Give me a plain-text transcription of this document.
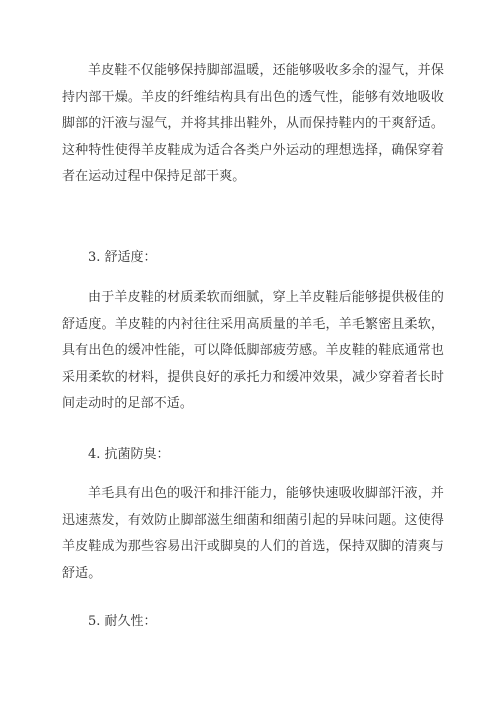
羊皮鞋不仅能够保持脚部温暖，还能够吸收多余的湿气，并保持内部干燥。羊皮的纤维结构具有出色的透气性，能够有效地吸收脚部的汗液与湿气，并将其排出鞋外，从而保持鞋内的干爽舒适。这种特性使得羊皮鞋成为适合各类户外运动的理想选择，确保穿着者在运动过程中保持足部干爽。

3. 舒适度：

由于羊皮鞋的材质柔软而细腻，穿上羊皮鞋后能够提供极佳的舒适度。羊皮鞋的内衬往往采用高质量的羊毛，羊毛繁密且柔软，具有出色的缓冲性能，可以降低脚部疲劳感。羊皮鞋的鞋底通常也采用柔软的材料，提供良好的承托力和缓冲效果，减少穿着者长时间走动时的足部不适。

4. 抗菌防臭：

羊毛具有出色的吸汗和排汗能力，能够快速吸收脚部汗液，并迅速蒸发，有效防止脚部滋生细菌和细菌引起的异味问题。这使得羊皮鞋成为那些容易出汗或脚臭的人们的首选，保持双脚的清爽与舒适。

5. 耐久性：
